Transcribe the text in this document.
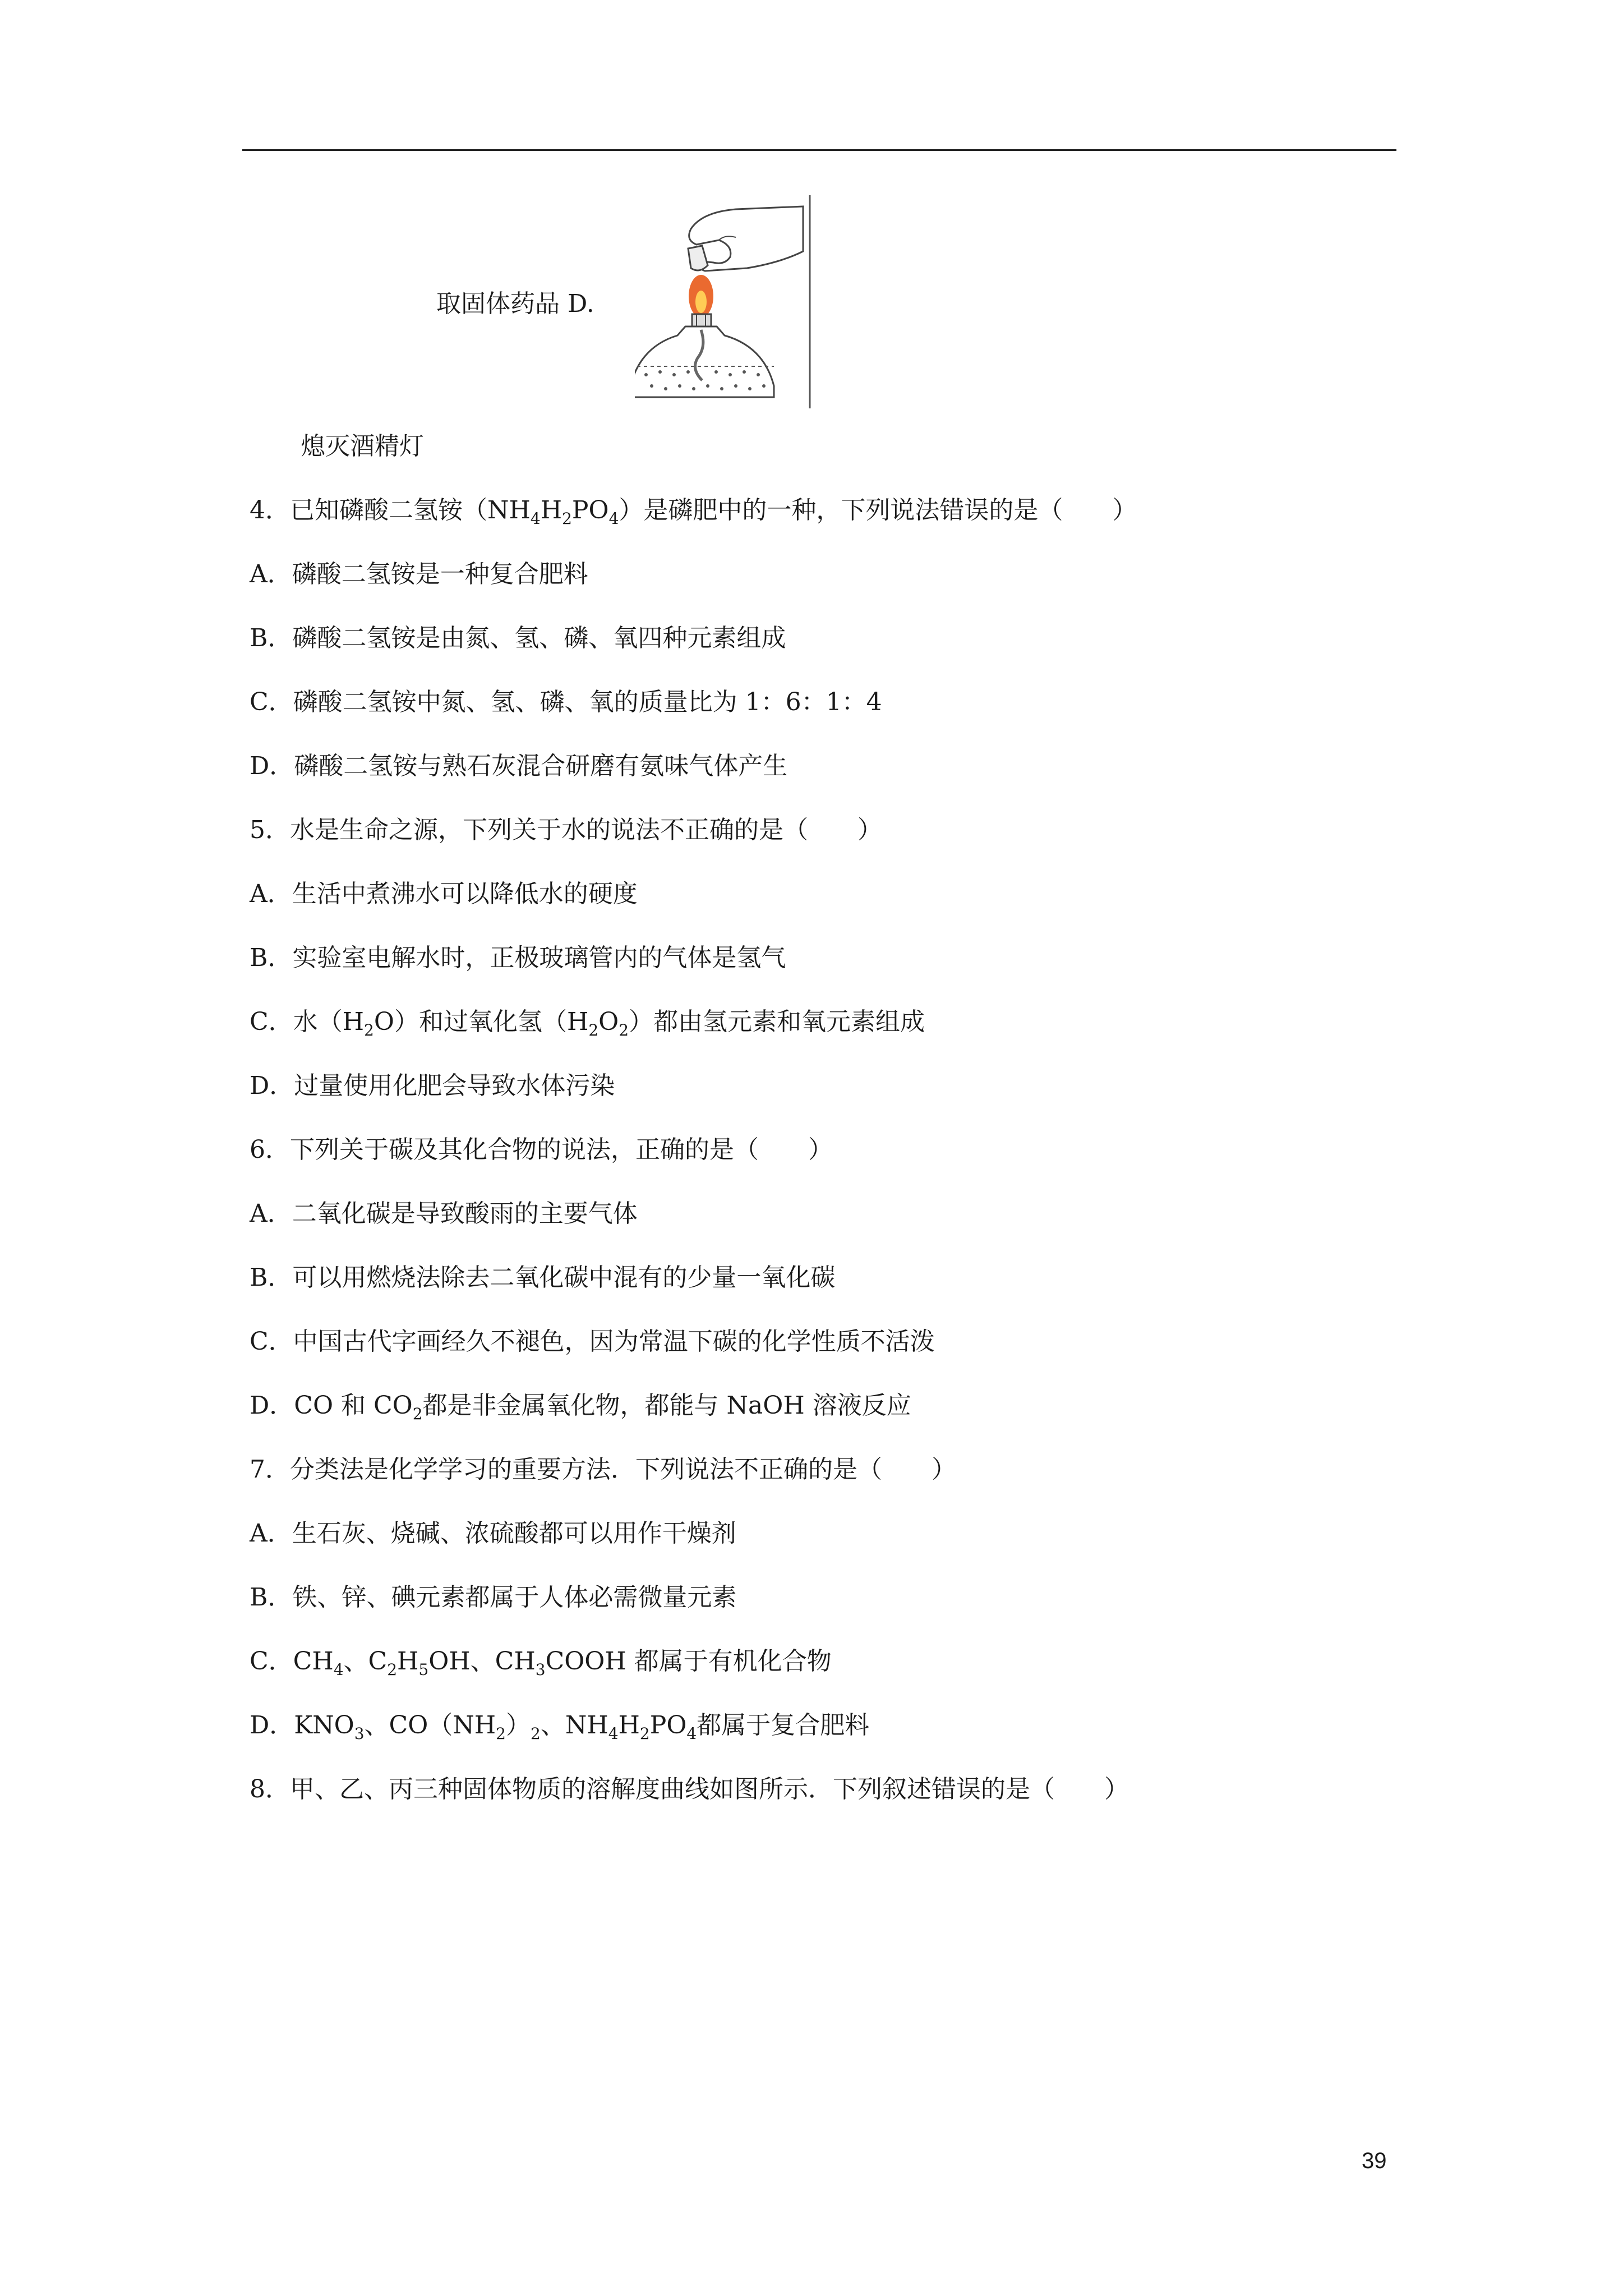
取固体药品 D.
熄灭酒精灯
4．已知磷酸二氢铵$(NH_4H_2PO_4)$是磷肥中的一种，下列说法错误的是（　　）
A．磷酸二氢铵是一种复合肥料
B．磷酸二氢铵是由氮、氢、磷、氧四种元素组成
C．磷酸二氢铵中氮、氢、磷、氧的质量比为 1：6：1：4
D．磷酸二氢铵与熟石灰混合研磨有氨味气体产生
5．水是生命之源，下列关于水的说法不正确的是（　　）
A．生活中煮沸水可以降低水的硬度
B．实验室电解水时，正极玻璃管内的气体是氢气
C．水$(H_2O)$和过氧化氢$(H_2O_2)$都由氢元素和氧元素组成
D．过量使用化肥会导致水体污染
6．下列关于碳及其化合物的说法，正确的是（　　）
A．二氧化碳是导致酸雨的主要气体
B．可以用燃烧法除去二氧化碳中混有的少量一氧化碳
C．中国古代字画经久不褪色，因为常温下碳的化学性质不活泼
D．CO 和 $CO_2$都是非金属氧化物，都能与 NaOH 溶液反应
7．分类法是化学学习的重要方法．下列说法不正确的是（　　）
A．生石灰、烧碱、浓硫酸都可以用作干燥剂
B．铁、锌、碘元素都属于人体必需微量元素
C．$CH_4$、$C_2H_5OH$、$CH_3COOH$ 都属于有机化合物
D．$KNO_3$、$CO(NH_2)_2$、$NH_4H_2PO_4$都属于复合肥料
8．甲、乙、丙三种固体物质的溶解度曲线如图所示．下列叙述错误的是（　　）
39
